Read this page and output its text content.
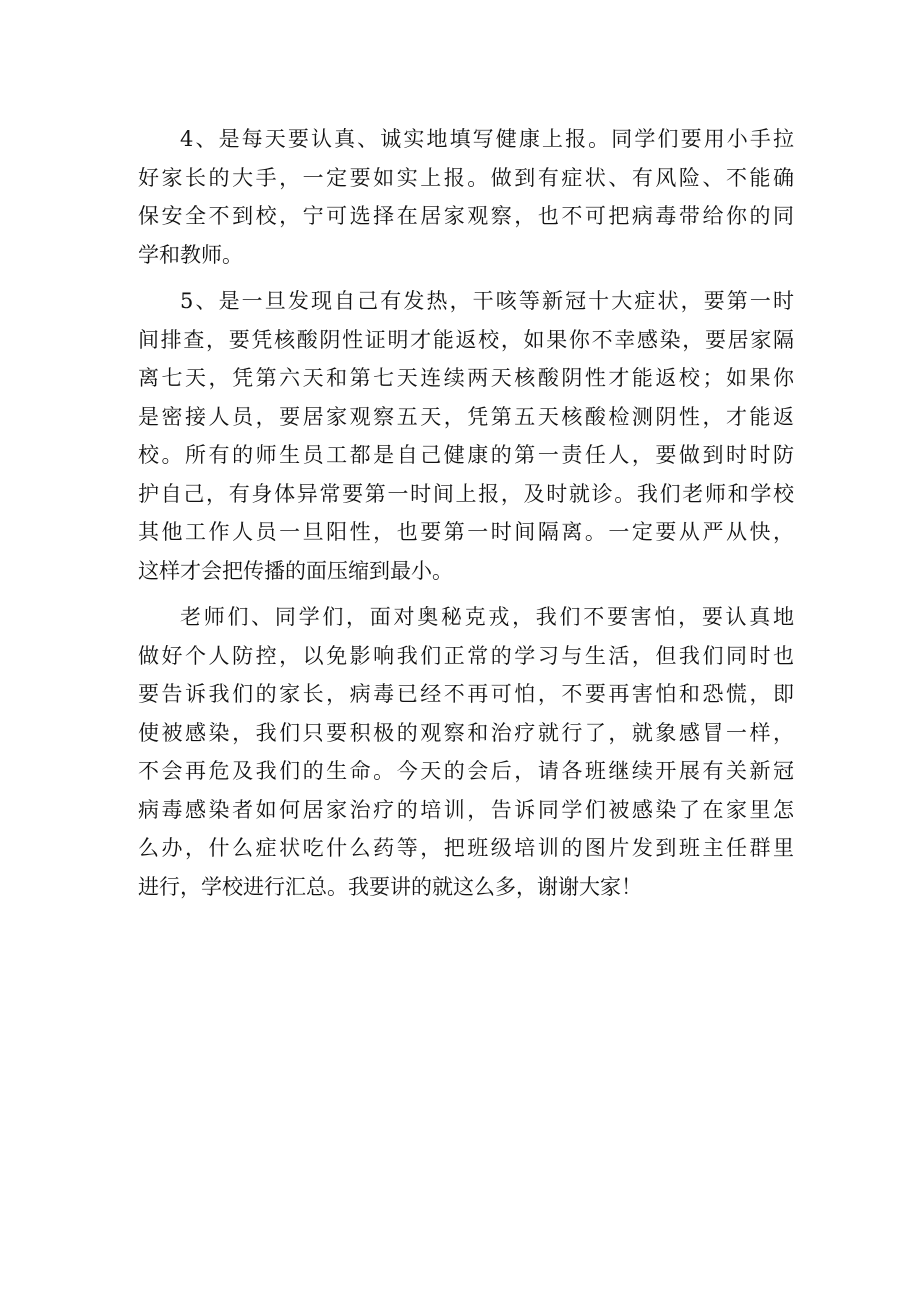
4、是每天要认真、诚实地填写健康上报。同学们要用小手拉
好家长的大手，一定要如实上报。做到有症状、有风险、不能确
保安全不到校，宁可选择在居家观察，也不可把病毒带给你的同
学和教师。
5、是一旦发现自己有发热，干咳等新冠十大症状，要第一时
间排查，要凭核酸阴性证明才能返校，如果你不幸感染，要居家隔
离七天，凭第六天和第七天连续两天核酸阴性才能返校；如果你
是密接人员，要居家观察五天，凭第五天核酸检测阴性，才能返
校。所有的师生员工都是自己健康的第一责任人，要做到时时防
护自己，有身体异常要第一时间上报，及时就诊。我们老师和学校
其他工作人员一旦阳性，也要第一时间隔离。一定要从严从快，
这样才会把传播的面压缩到最小。
老师们、同学们，面对奥秘克戎，我们不要害怕，要认真地
做好个人防控，以免影响我们正常的学习与生活，但我们同时也
要告诉我们的家长，病毒已经不再可怕，不要再害怕和恐慌，即
使被感染，我们只要积极的观察和治疗就行了，就象感冒一样，
不会再危及我们的生命。今天的会后，请各班继续开展有关新冠
病毒感染者如何居家治疗的培训，告诉同学们被感染了在家里怎
么办，什么症状吃什么药等，把班级培训的图片发到班主任群里
进行，学校进行汇总。我要讲的就这么多，谢谢大家！
